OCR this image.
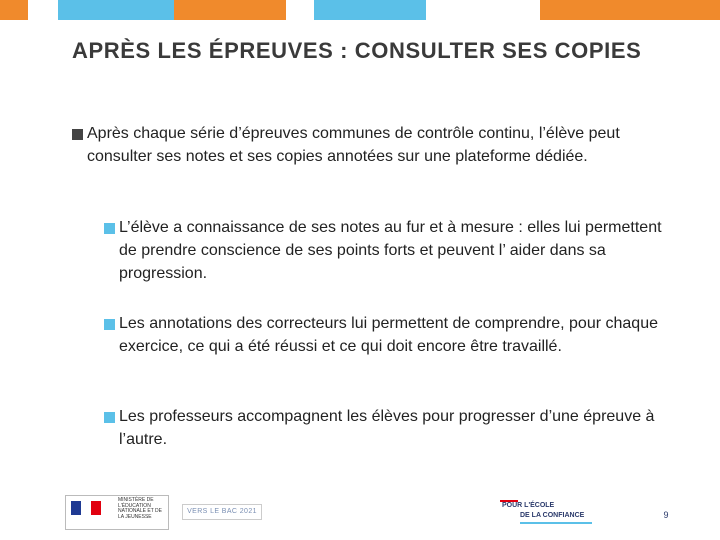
APRÈS LES ÉPREUVES : CONSULTER SES COPIES
Après chaque série d’épreuves communes de contrôle continu, l’élève peut consulter ses notes et ses copies annotées sur une plateforme dédiée.
L’élève a connaissance de ses notes au fur et à mesure : elles lui permettent de prendre conscience de ses points forts et peuvent l’ aider dans sa progression.
Les annotations des correcteurs lui permettent de comprendre, pour chaque exercice, ce qui a été réussi et ce qui doit encore être travaillé.
Les professeurs accompagnent les élèves pour progresser d’une épreuve à l’autre.
MINISTÈRE DE L'ÉDUCATION NATIONALE ET DE LA JEUNESSE
VERS LE BAC 2021
POUR L'ÉCOLE
DE LA CONFIANCE	9
